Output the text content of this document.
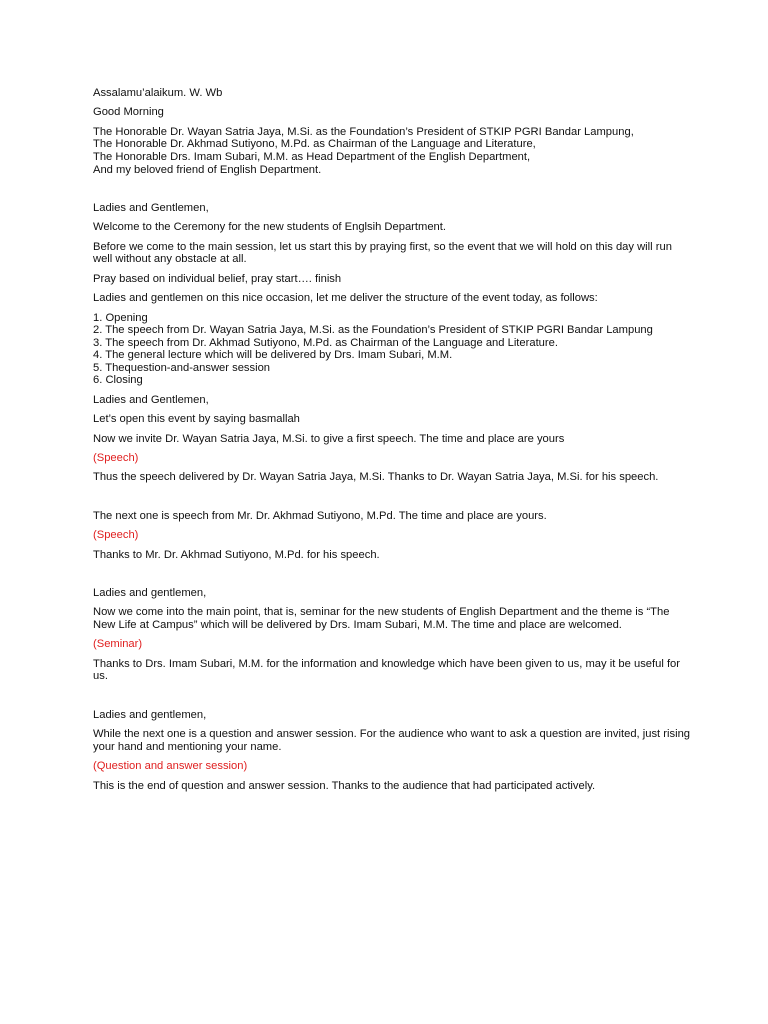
Assalamu’alaikum. W. Wb

Good Morning

The Honorable Dr. Wayan Satria Jaya, M.Si. as the Foundation’s President of STKIP PGRI Bandar Lampung,
The Honorable Dr. Akhmad Sutiyono, M.Pd. as Chairman of the Language and Literature,
The Honorable Drs. Imam Subari, M.M. as Head Department of the English Department,
And my beloved friend of English Department.

Ladies and Gentlemen,

Welcome to the Ceremony for the new students of Englsih Department.

Before we come to the main session, let us start this by praying first, so the event that we will hold on this day will run well without any obstacle at all.

Pray based on individual belief, pray start…. finish

Ladies and gentlemen on this nice occasion, let me deliver the structure of the event today, as follows:

1. Opening
2. The speech from Dr. Wayan Satria Jaya, M.Si. as the Foundation’s President of STKIP PGRI Bandar Lampung
3. The speech from Dr. Akhmad Sutiyono, M.Pd. as Chairman of the Language and Literature.
4. The general lecture which will be delivered by Drs. Imam Subari, M.M.
5. Thequestion-and-answer session
6. Closing

Ladies and Gentlemen,

Let’s open this event by saying basmallah

Now we invite Dr. Wayan Satria Jaya, M.Si. to give a first speech. The time and place are yours

(Speech)

Thus the speech delivered by Dr. Wayan Satria Jaya, M.Si. Thanks to Dr. Wayan Satria Jaya, M.Si. for his speech.

The next one is speech from Mr. Dr. Akhmad Sutiyono, M.Pd. The time and place are yours.

(Speech)

Thanks to Mr. Dr. Akhmad Sutiyono, M.Pd. for his speech.

Ladies and gentlemen,

Now we come into the main point, that is, seminar for the new students of English Department and the theme is “The New Life at Campus” which will be delivered by Drs. Imam Subari, M.M. The time and place are welcomed.

(Seminar)

Thanks to Drs. Imam Subari, M.M. for the information and knowledge which have been given to us, may it be useful for us.

Ladies and gentlemen,

While the next one is a question and answer session. For the audience who want to ask a question are invited, just rising your hand and mentioning your name.

(Question and answer session)

This is the end of question and answer session. Thanks to the audience that had participated actively.
